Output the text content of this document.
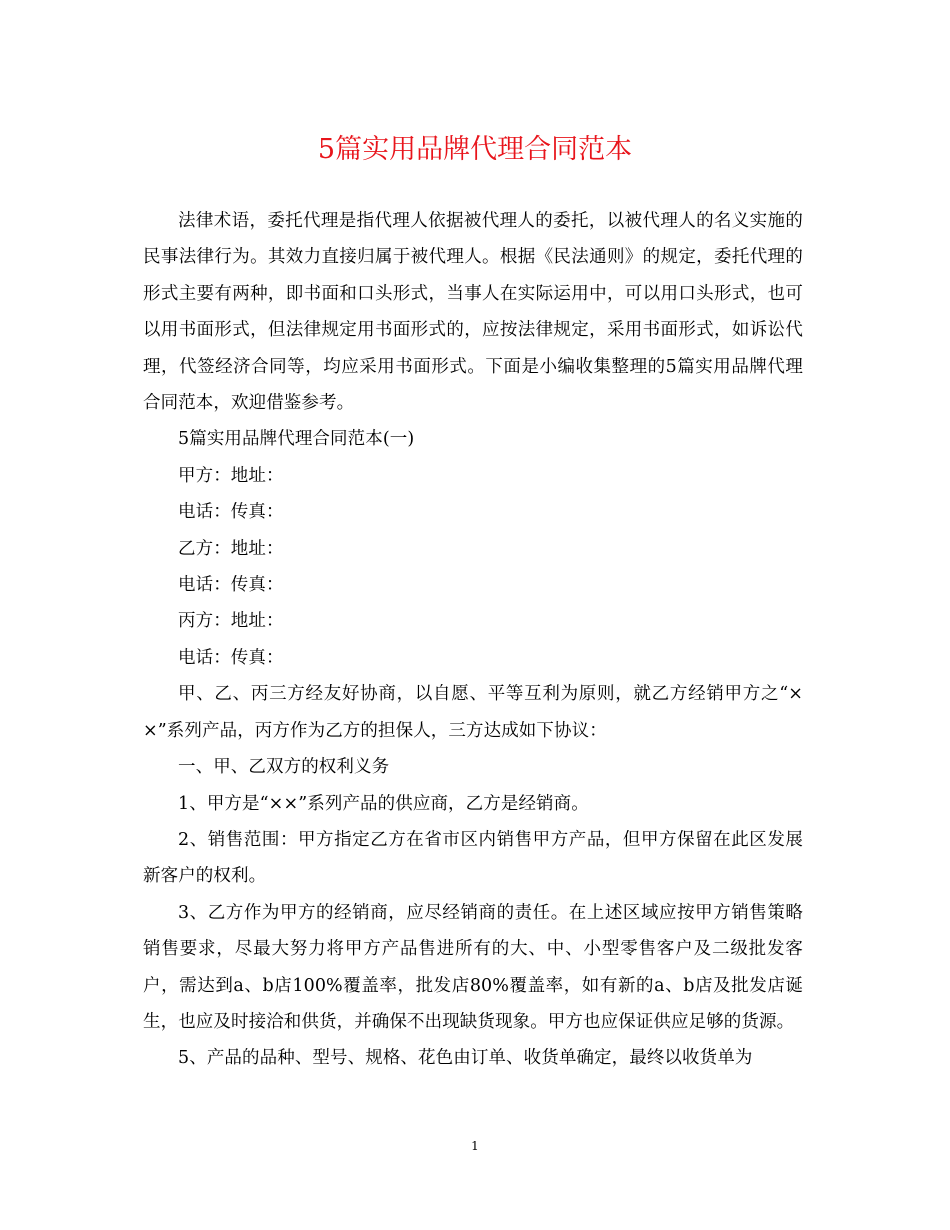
5篇实用品牌代理合同范本

法律术语，委托代理是指代理人依据被代理人的委托，以被代理人的名义实施的民事法律行为。其效力直接归属于被代理人。根据《民法通则》的规定，委托代理的形式主要有两种，即书面和口头形式，当事人在实际运用中，可以用口头形式，也可以用书面形式，但法律规定用书面形式的，应按法律规定，采用书面形式，如诉讼代理，代签经济合同等，均应采用书面形式。下面是小编收集整理的5篇实用品牌代理合同范本，欢迎借鉴参考。

5篇实用品牌代理合同范本(一)

甲方：地址：

电话：传真：

乙方：地址：

电话：传真：

丙方：地址：

电话：传真：

甲、乙、丙三方经友好协商，以自愿、平等互利为原则，就乙方经销甲方之“××”系列产品，丙方作为乙方的担保人，三方达成如下协议：

一、甲、乙双方的权利义务

1、甲方是“××”系列产品的供应商，乙方是经销商。

2、销售范围：甲方指定乙方在省市区内销售甲方产品，但甲方保留在此区发展新客户的权利。

3、乙方作为甲方的经销商，应尽经销商的责任。在上述区域应按甲方销售策略销售要求，尽最大努力将甲方产品售进所有的大、中、小型零售客户及二级批发客户，需达到a、b店100%覆盖率，批发店80%覆盖率，如有新的a、b店及批发店诞生，也应及时接洽和供货，并确保不出现缺货现象。甲方也应保证供应足够的货源。

5、产品的品种、型号、规格、花色由订单、收货单确定，最终以收货单为

1
